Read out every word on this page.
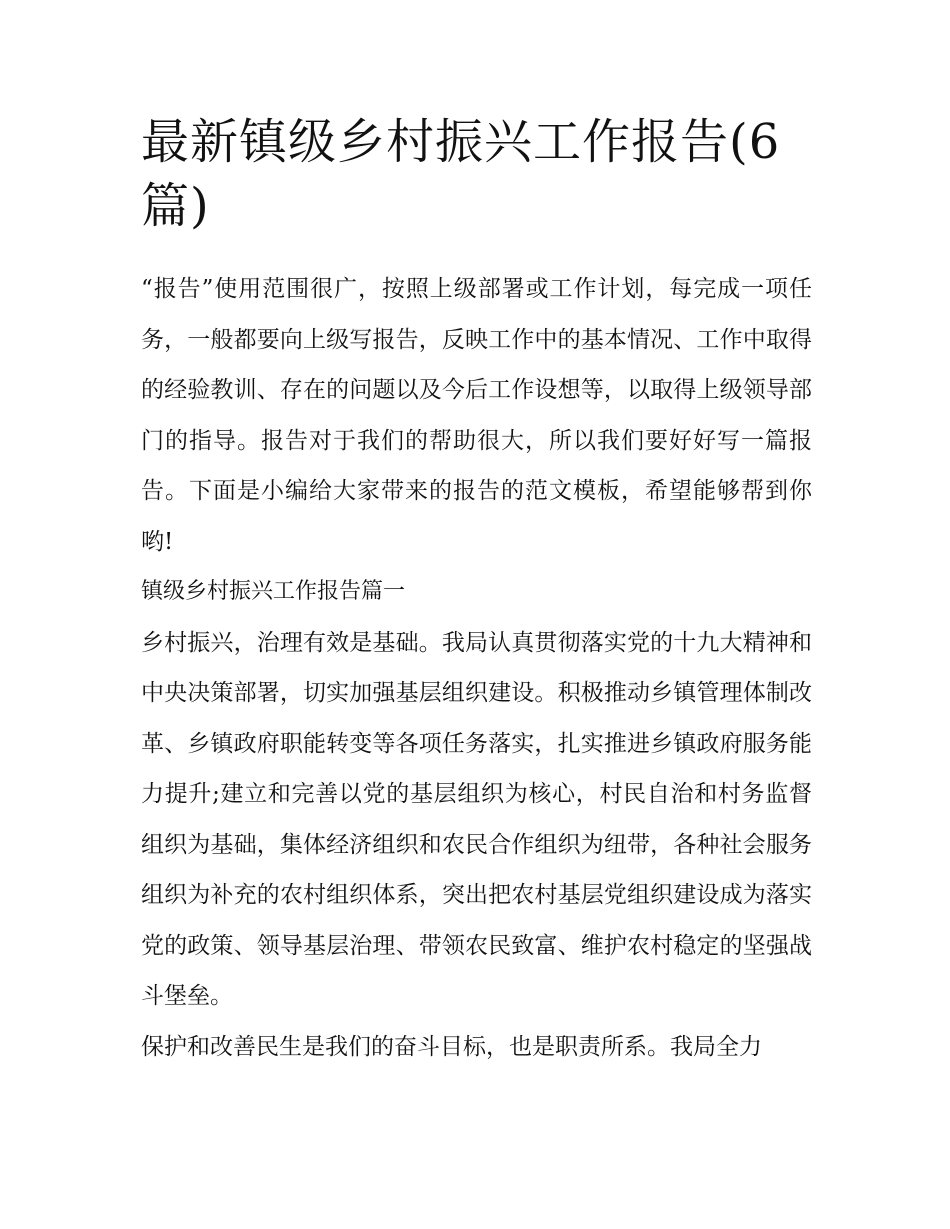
最新镇级乡村振兴工作报告(6篇)

“报告”使用范围很广，按照上级部署或工作计划，每完成一项任务，一般都要向上级写报告，反映工作中的基本情况、工作中取得的经验教训、存在的问题以及今后工作设想等，以取得上级领导部门的指导。报告对于我们的帮助很大，所以我们要好好写一篇报告。下面是小编给大家带来的报告的范文模板，希望能够帮到你哟!

镇级乡村振兴工作报告篇一

乡村振兴，治理有效是基础。我局认真贯彻落实党的十九大精神和中央决策部署，切实加强基层组织建设。积极推动乡镇管理体制改革、乡镇政府职能转变等各项任务落实，扎实推进乡镇政府服务能力提升;建立和完善以党的基层组织为核心，村民自治和村务监督组织为基础，集体经济组织和农民合作组织为纽带，各种社会服务组织为补充的农村组织体系，突出把农村基层党组织建设成为落实党的政策、领导基层治理、带领农民致富、维护农村稳定的坚强战斗堡垒。

保护和改善民生是我们的奋斗目标，也是职责所系。我局全力
